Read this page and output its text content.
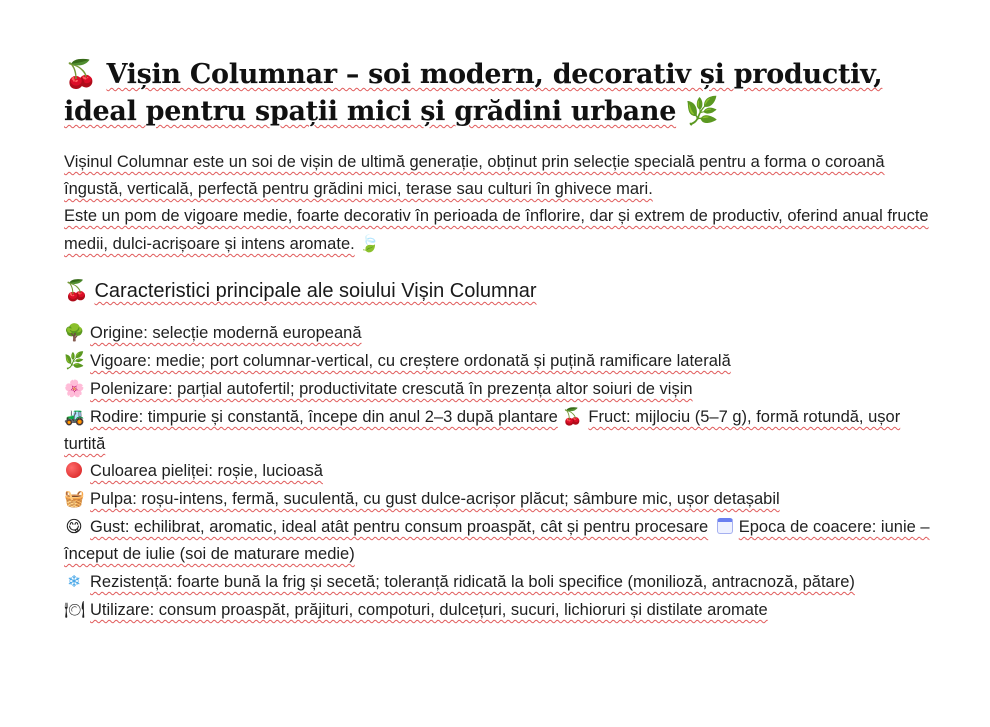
🍒 Vișin Columnar – soi modern, decorativ și productiv, ideal pentru spații mici și grădini urbane 🌿

Vișinul Columnar este un soi de vișin de ultimă generație, obținut prin selecție specială pentru a forma o coroană îngustă, verticală, perfectă pentru grădini mici, terase sau culturi în ghivece mari.

Este un pom de vigoare medie, foarte decorativ în perioada de înflorire, dar și extrem de productiv, oferind anual fructe medii, dulci-acrișoare și intens aromate. 🍃

🍒 Caracteristici principale ale soiului Vișin Columnar

🌳 Origine: selecție modernă europeană

🌿 Vigoare: medie; port columnar-vertical, cu creștere ordonată și puțină ramificare laterală

🌸 Polenizare: parțial autofertil; productivitate crescută în prezența altor soiuri de vișin

🚜 Rodire: timpurie și constantă, începe din anul 2–3 după plantare 🍒 Fruct: mijlociu (5–7 g), formă rotundă, ușor turtită

Culoarea pieliței: roșie, lucioasă

🧺 Pulpa: roșu-intens, fermă, suculentă, cu gust dulce-acrișor plăcut; sâmbure mic, ușor detașabil

😋 Gust: echilibrat, aromatic, ideal atât pentru consum proaspăt, cât și pentru procesare Epoca de coacere: iunie – început de iulie (soi de maturare medie)

❄ Rezistență: foarte bună la frig și secetă; toleranță ridicată la boli specifice (monilioză, antracnoză, pătare)

🍽 Utilizare: consum proaspăt, prăjituri, compoturi, dulcețuri, sucuri, lichioruri și distilate aromate
